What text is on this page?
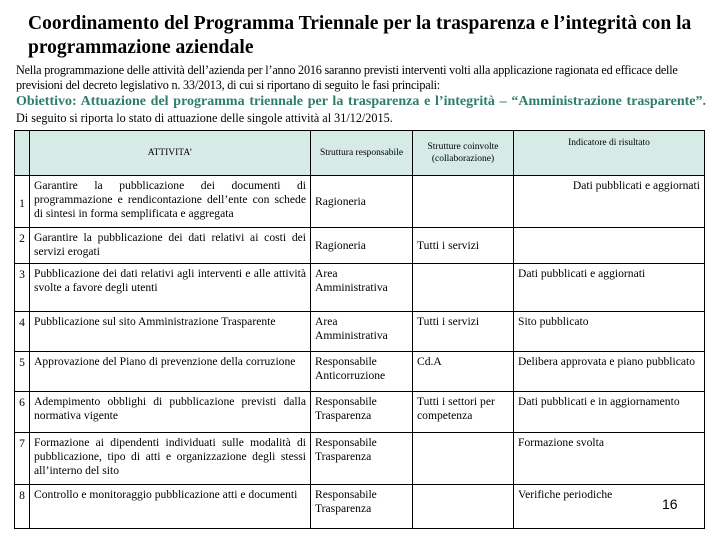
Coordinamento del Programma Triennale per la trasparenza e l’integrità con la programmazione aziendale
Nella programmazione delle attività dell’azienda per l’anno 2016 saranno previsti interventi volti alla applicazione ragionata ed efficace delle previsioni del decreto legislativo n. 33/2013, di cui si riportano di seguito le fasi principali:
Obiettivo: Attuazione del programma triennale per la trasparenza e l’integrità – “Amministrazione trasparente”. Di seguito si riporta lo stato di attuazione delle singole attività al 31/12/2015.
	ATTIVITA’	Struttura responsabile	Strutture coinvolte (collaborazione)	Indicatore di risultato
1	Garantire la pubblicazione dei documenti di programmazione e rendicontazione dell’ente con schede di sintesi in forma semplificata e aggregata	Ragioneria		Dati pubblicati e aggiornati
2	Garantire la pubblicazione dei dati relativi ai costi dei servizi erogati	Ragioneria	Tutti i servizi	
3	Pubblicazione dei dati relativi agli interventi e alle attività svolte a favore degli utenti	Area Amministrativa		Dati pubblicati e aggiornati
4	Pubblicazione sul sito Amministrazione Trasparente	Area Amministrativa	Tutti i servizi	Sito pubblicato
5	Approvazione del Piano di prevenzione della corruzione	Responsabile Anticorruzione	Cd.A	Delibera approvata e piano pubblicato
6	Adempimento obblighi di pubblicazione previsti dalla normativa vigente	Responsabile Trasparenza	Tutti i settori per competenza	Dati pubblicati e in aggiornamento
7	Formazione ai dipendenti individuati sulle modalità di pubblicazione, tipo di atti e organizzazione degli stessi all’interno del sito	Responsabile Trasparenza		Formazione svolta
8	Controllo e monitoraggio pubblicazione atti e documenti	Responsabile Trasparenza		Verifiche periodiche
16
